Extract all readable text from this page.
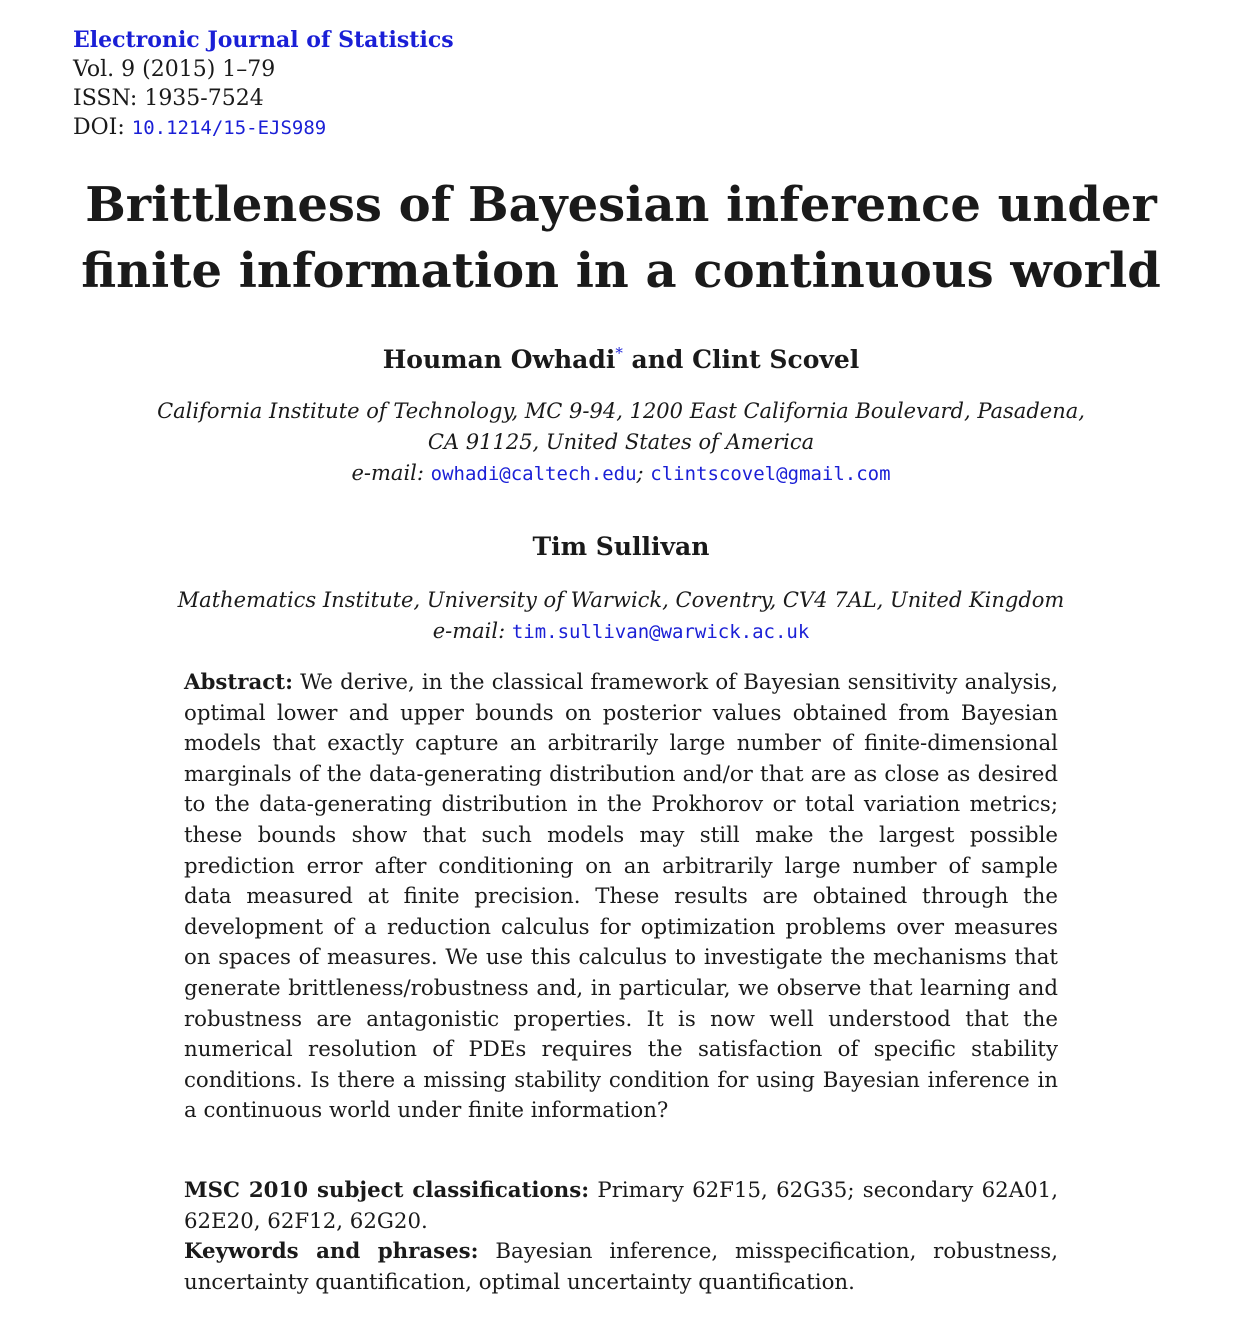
Electronic Journal of Statistics
Vol. 9 (2015) 1–79
ISSN: 1935-7524
DOI: 10.1214/15-EJS989
Brittleness of Bayesian inference under
finite information in a continuous world
Houman Owhadi* and Clint Scovel
California Institute of Technology, MC 9-94, 1200 East California Boulevard, Pasadena,
CA 91125, United States of America
e-mail: owhadi@caltech.edu; clintscovel@gmail.com
Tim Sullivan
Mathematics Institute, University of Warwick, Coventry, CV4 7AL, United Kingdom
e-mail: tim.sullivan@warwick.ac.uk
Abstract: We derive, in the classical framework of Bayesian sensitivity analysis, optimal lower and upper bounds on posterior values obtained from Bayesian models that exactly capture an arbitrarily large number of finite-dimensional marginals of the data-generating distribution and/or that are as close as desired to the data-generating distribution in the Prokhorov or total variation metrics; these bounds show that such models may still make the largest possible prediction error after conditioning on an arbitrarily large number of sample data measured at finite precision. These results are obtained through the development of a reduction calculus for optimization problems over measures on spaces of measures. We use this calculus to investigate the mechanisms that generate brittleness/robustness and, in particular, we observe that learning and robustness are antagonistic properties. It is now well understood that the numerical resolution of PDEs requires the satisfaction of specific stability conditions. Is there a missing stability condition for using Bayesian inference in a continuous world under finite information?
MSC 2010 subject classifications: Primary 62F15, 62G35; secondary 62A01, 62E20, 62F12, 62G20.
Keywords and phrases: Bayesian inference, misspecification, robustness, uncertainty quantification, optimal uncertainty quantification.
